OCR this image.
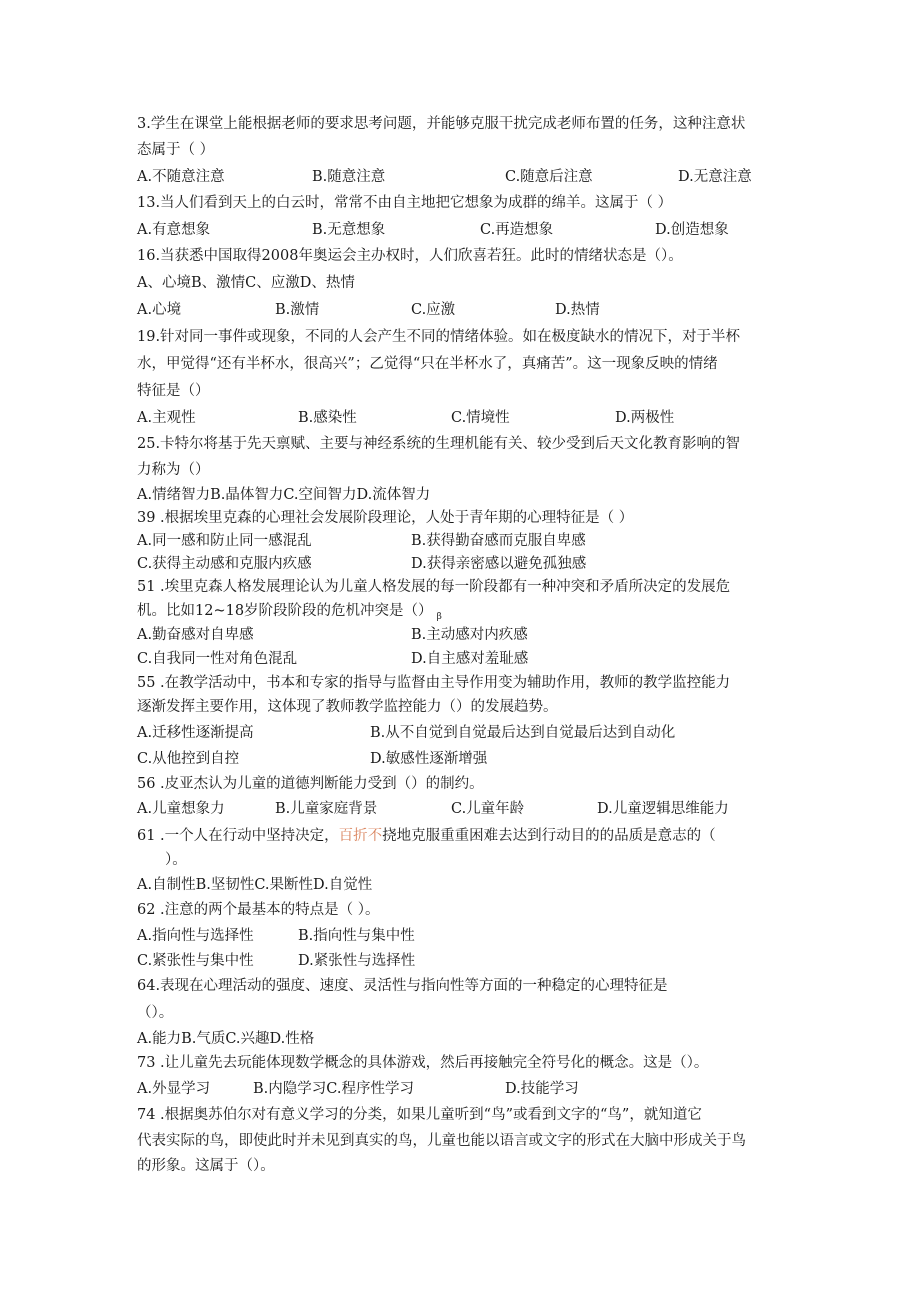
3.学生在课堂上能根据老师的要求思考问题，并能够克服干扰完成老师布置的任务，这种注意状
态属于（ ）
A.不随意注意	B.随意注意	C.随意后注意	D.无意注意
13.当人们看到天上的白云时，常常不由自主地把它想象为成群的绵羊。这属于（ ）
A.有意想象	B.无意想象	C.再造想象	D.创造想象
16.当获悉中国取得2008年奥运会主办权时，人们欣喜若狂。此时的情绪状态是（）。
A、心境B、激情C、应激D、热情
A.心境	B.激情	C.应激	D.热情
19.针对同一事件或现象，不同的人会产生不同的情绪体验。如在极度缺水的情况下，对于半杯
水，甲觉得“还有半杯水，很高兴”；乙觉得“只在半杯水了，真痛苦”。这一现象反映的情绪
特征是（）
A.主观性	B.感染性	C.情境性	D.两极性
25.卡特尔将基于先天禀赋、主要与神经系统的生理机能有关、较少受到后天文化教育影响的智
力称为（）
A.情绪智力B.晶体智力C.空间智力D.流体智力
39 .根据埃里克森的心理社会发展阶段理论，人处于青年期的心理特征是（ ）
A.同一感和防止同一感混乱	B.获得勤奋感而克服自卑感
C.获得主动感和克服内疚感	D.获得亲密感以避免孤独感
51 .埃里克森人格发展理论认为儿童人格发展的每一阶段都有一种冲突和矛盾所决定的发展危
机。比如12~18岁阶段阶段的危机冲突是（） $_\beta$
A.勤奋感对自卑感	B.主动感对内疚感
C.自我同一性对角色混乱	D.自主感对羞耻感
55 .在教学活动中，书本和专家的指导与监督由主导作用变为辅助作用，教师的教学监控能力
逐渐发挥主要作用，这体现了教师教学监控能力（）的发展趋势。
A.迁移性逐渐提高	B.从不自觉到自觉最后达到自觉最后达到自动化
C.从他控到自控	D.敏感性逐渐增强
56 .皮亚杰认为儿童的道德判断能力受到（）的制约。
A.儿童想象力	B.儿童家庭背景	C.儿童年龄	D.儿童逻辑思维能力
61 .一个人在行动中坚持决定，百折不挠地克服重重困难去达到行动目的的品质是意志的（
）。
A.自制性B.坚韧性C.果断性D.自觉性
62 .注意的两个最基本的特点是（ ）。
A.指向性与选择性	B.指向性与集中性
C.紧张性与集中性	D.紧张性与选择性
64.表现在心理活动的强度、速度、灵活性与指向性等方面的一种稳定的心理特征是
（）。
A.能力B.气质C.兴趣D.性格
73 .让儿童先去玩能体现数学概念的具体游戏，然后再接触完全符号化的概念。这是（）。
A.外显学习	B.内隐学习C.程序性学习	D.技能学习
74 .根据奥苏伯尔对有意义学习的分类，如果儿童听到“鸟”或看到文字的“鸟”，就知道它
代表实际的鸟，即使此时并未见到真实的鸟，儿童也能以语言或文字的形式在大脑中形成关于鸟
的形象。这属于（）。
